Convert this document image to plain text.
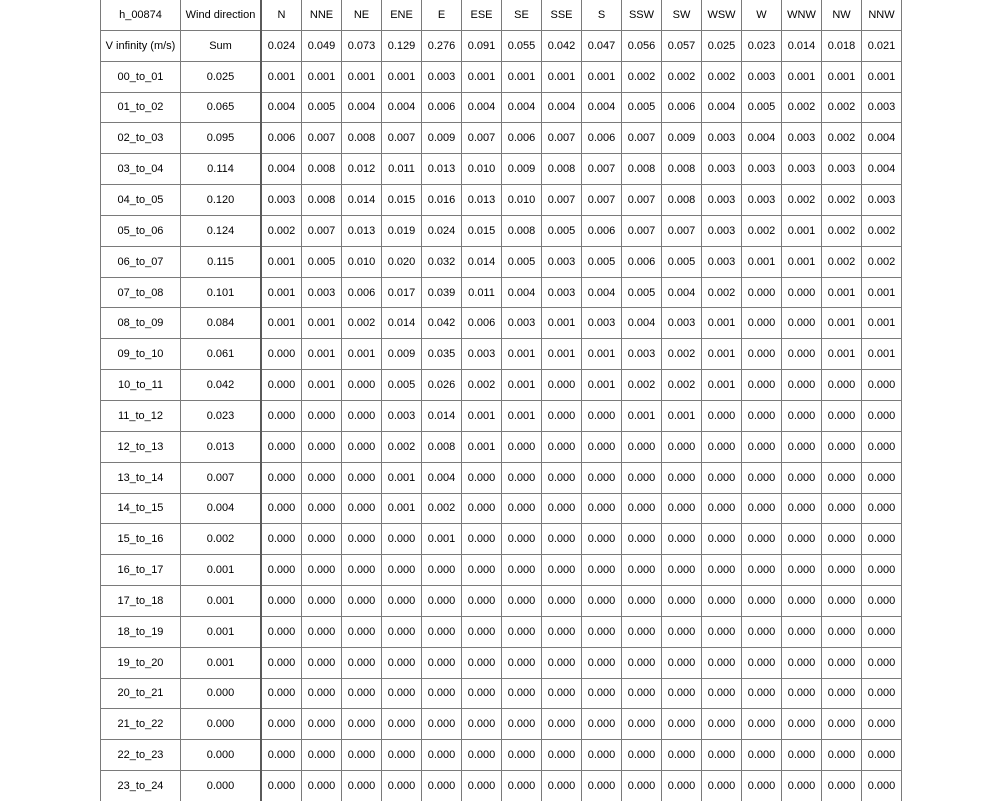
h_00874	Wind direction	N	NNE	NE	ENE	E	ESE	SE	SSE	S	SSW	SW	WSW	W	WNW	NW	NNW
V infinity (m/s)	Sum	0.024	0.049	0.073	0.129	0.276	0.091	0.055	0.042	0.047	0.056	0.057	0.025	0.023	0.014	0.018	0.021
00_to_01	0.025	0.001	0.001	0.001	0.001	0.003	0.001	0.001	0.001	0.001	0.002	0.002	0.002	0.003	0.001	0.001	0.001
01_to_02	0.065	0.004	0.005	0.004	0.004	0.006	0.004	0.004	0.004	0.004	0.005	0.006	0.004	0.005	0.002	0.002	0.003
02_to_03	0.095	0.006	0.007	0.008	0.007	0.009	0.007	0.006	0.007	0.006	0.007	0.009	0.003	0.004	0.003	0.002	0.004
03_to_04	0.114	0.004	0.008	0.012	0.011	0.013	0.010	0.009	0.008	0.007	0.008	0.008	0.003	0.003	0.003	0.003	0.004
04_to_05	0.120	0.003	0.008	0.014	0.015	0.016	0.013	0.010	0.007	0.007	0.007	0.008	0.003	0.003	0.002	0.002	0.003
05_to_06	0.124	0.002	0.007	0.013	0.019	0.024	0.015	0.008	0.005	0.006	0.007	0.007	0.003	0.002	0.001	0.002	0.002
06_to_07	0.115	0.001	0.005	0.010	0.020	0.032	0.014	0.005	0.003	0.005	0.006	0.005	0.003	0.001	0.001	0.002	0.002
07_to_08	0.101	0.001	0.003	0.006	0.017	0.039	0.011	0.004	0.003	0.004	0.005	0.004	0.002	0.000	0.000	0.001	0.001
08_to_09	0.084	0.001	0.001	0.002	0.014	0.042	0.006	0.003	0.001	0.003	0.004	0.003	0.001	0.000	0.000	0.001	0.001
09_to_10	0.061	0.000	0.001	0.001	0.009	0.035	0.003	0.001	0.001	0.001	0.003	0.002	0.001	0.000	0.000	0.001	0.001
10_to_11	0.042	0.000	0.001	0.000	0.005	0.026	0.002	0.001	0.000	0.001	0.002	0.002	0.001	0.000	0.000	0.000	0.000
11_to_12	0.023	0.000	0.000	0.000	0.003	0.014	0.001	0.001	0.000	0.000	0.001	0.001	0.000	0.000	0.000	0.000	0.000
12_to_13	0.013	0.000	0.000	0.000	0.002	0.008	0.001	0.000	0.000	0.000	0.000	0.000	0.000	0.000	0.000	0.000	0.000
13_to_14	0.007	0.000	0.000	0.000	0.001	0.004	0.000	0.000	0.000	0.000	0.000	0.000	0.000	0.000	0.000	0.000	0.000
14_to_15	0.004	0.000	0.000	0.000	0.001	0.002	0.000	0.000	0.000	0.000	0.000	0.000	0.000	0.000	0.000	0.000	0.000
15_to_16	0.002	0.000	0.000	0.000	0.000	0.001	0.000	0.000	0.000	0.000	0.000	0.000	0.000	0.000	0.000	0.000	0.000
16_to_17	0.001	0.000	0.000	0.000	0.000	0.000	0.000	0.000	0.000	0.000	0.000	0.000	0.000	0.000	0.000	0.000	0.000
17_to_18	0.001	0.000	0.000	0.000	0.000	0.000	0.000	0.000	0.000	0.000	0.000	0.000	0.000	0.000	0.000	0.000	0.000
18_to_19	0.001	0.000	0.000	0.000	0.000	0.000	0.000	0.000	0.000	0.000	0.000	0.000	0.000	0.000	0.000	0.000	0.000
19_to_20	0.001	0.000	0.000	0.000	0.000	0.000	0.000	0.000	0.000	0.000	0.000	0.000	0.000	0.000	0.000	0.000	0.000
20_to_21	0.000	0.000	0.000	0.000	0.000	0.000	0.000	0.000	0.000	0.000	0.000	0.000	0.000	0.000	0.000	0.000	0.000
21_to_22	0.000	0.000	0.000	0.000	0.000	0.000	0.000	0.000	0.000	0.000	0.000	0.000	0.000	0.000	0.000	0.000	0.000
22_to_23	0.000	0.000	0.000	0.000	0.000	0.000	0.000	0.000	0.000	0.000	0.000	0.000	0.000	0.000	0.000	0.000	0.000
23_to_24	0.000	0.000	0.000	0.000	0.000	0.000	0.000	0.000	0.000	0.000	0.000	0.000	0.000	0.000	0.000	0.000	0.000
